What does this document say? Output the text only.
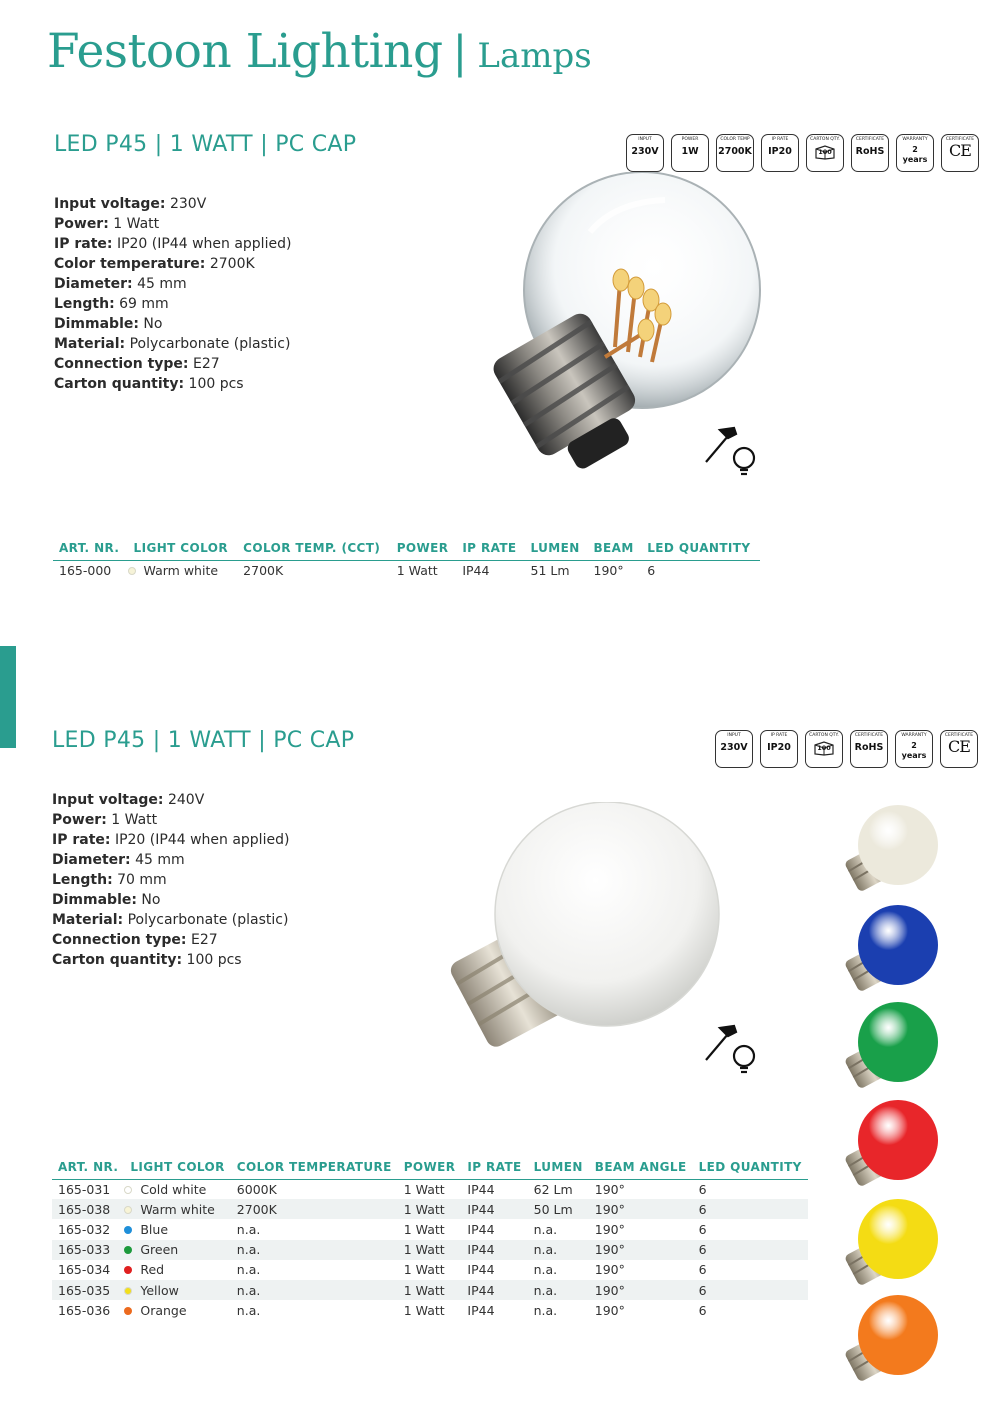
Festoon Lighting | Lamps
LED P45 | 1 WATT | PC CAP	INPUT
230V
POWER
1W
COLOR TEMP
2700K
IP RATE
IP20
CARTON QTY.
100
CERTIFICATE
RoHS
WARRANTY
2
years
CERTIFICATE
CE
Input voltage: 230V
Power: 1 Watt
IP rate: IP20 (IP44 when applied)
Color temperature: 2700K
Diameter: 45 mm
Length: 69 mm
Dimmable: No
Material: Polycarbonate (plastic)
Connection type: E27
Carton quantity: 100 pcs
ART. NR.	LIGHT COLOR	COLOR TEMP. (CCT)	POWER	IP RATE	LUMEN	BEAM	LED QUANTITY
165-000	Warm white	2700K	1 Watt	IP44	51 Lm	190°	6
LED P45 | 1 WATT | PC CAP	INPUT
230V
IP RATE
IP20
CARTON QTY.
100
CERTIFICATE
RoHS
WARRANTY
2
years
CERTIFICATE
CE
Input voltage: 240V
Power: 1 Watt
IP rate: IP20 (IP44 when applied)
Diameter: 45 mm
Length: 70 mm
Dimmable: No
Material: Polycarbonate (plastic)
Connection type: E27
Carton quantity: 100 pcs
ART. NR.	LIGHT COLOR	COLOR TEMPERATURE	POWER	IP RATE	LUMEN	BEAM ANGLE	LED QUANTITY
165-031	Cold white	6000K	1 Watt	IP44	62 Lm	190°	6
165-038	Warm white	2700K	1 Watt	IP44	50 Lm	190°	6
165-032	Blue	n.a.	1 Watt	IP44	n.a.	190°	6
165-033	Green	n.a.	1 Watt	IP44	n.a.	190°	6
165-034	Red	n.a.	1 Watt	IP44	n.a.	190°	6
165-035	Yellow	n.a.	1 Watt	IP44	n.a.	190°	6
165-036	Orange	n.a.	1 Watt	IP44	n.a.	190°	6
